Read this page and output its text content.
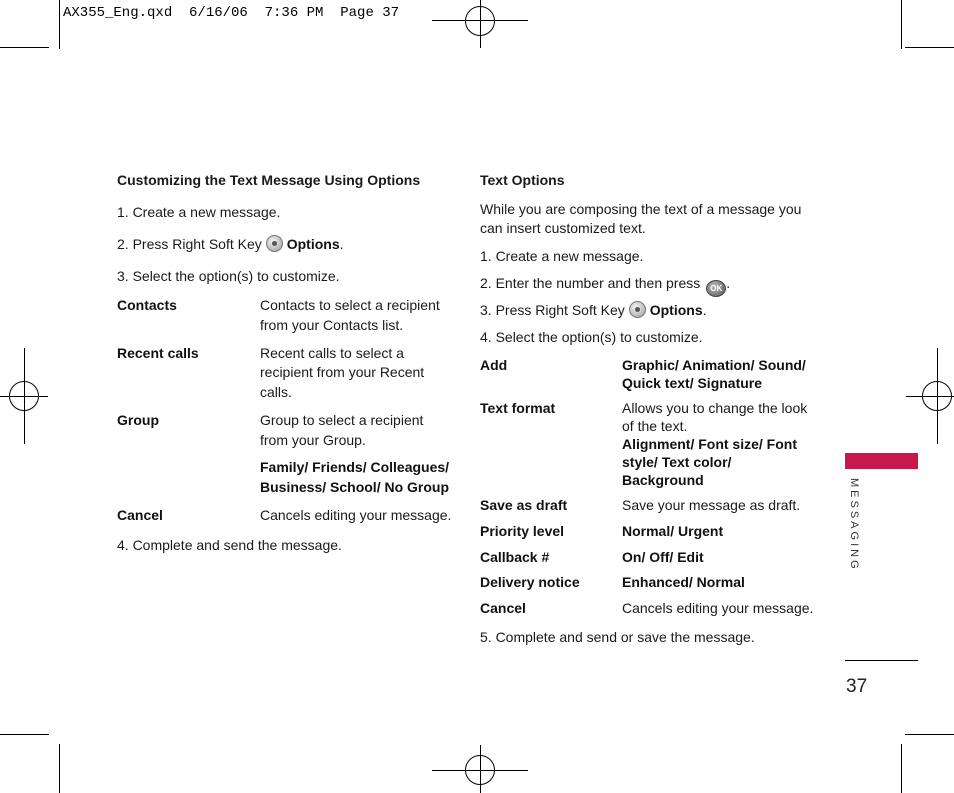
AX355_Eng.qxd  6/16/06  7:36 PM  Page 37
Customizing the Text Message Using Options
1. Create a new message.
2. Press Right Soft Key Options.
3. Select the option(s) to customize.
Contacts	Contacts to select a recipient
from your Contacts list.
Recent calls	Recent calls to select a
recipient from your Recent
calls.
Group	Group to select a recipient
from your Group.
Family/ Friends/ Colleagues/
Business/ School/ No Group
Cancel	Cancels editing your message.
4. Complete and send the message.
Text Options
While you are composing the text of a message you
can insert customized text.
1. Create a new message.
2. Enter the number and then press OK .
3. Press Right Soft Key Options.
4. Select the option(s) to customize.
Add	Graphic/ Animation/ Sound/
Quick text/ Signature
Text format	Allows you to change the look
of the text.
Alignment/ Font size/ Font
style/ Text color/
Background
Save as draft	Save your message as draft.
Priority level	Normal/ Urgent
Callback #	On/ Off/ Edit
Delivery notice	Enhanced/ Normal
Cancel	Cancels editing your message.
5. Complete and send or save the message.
MESSAGING
37
